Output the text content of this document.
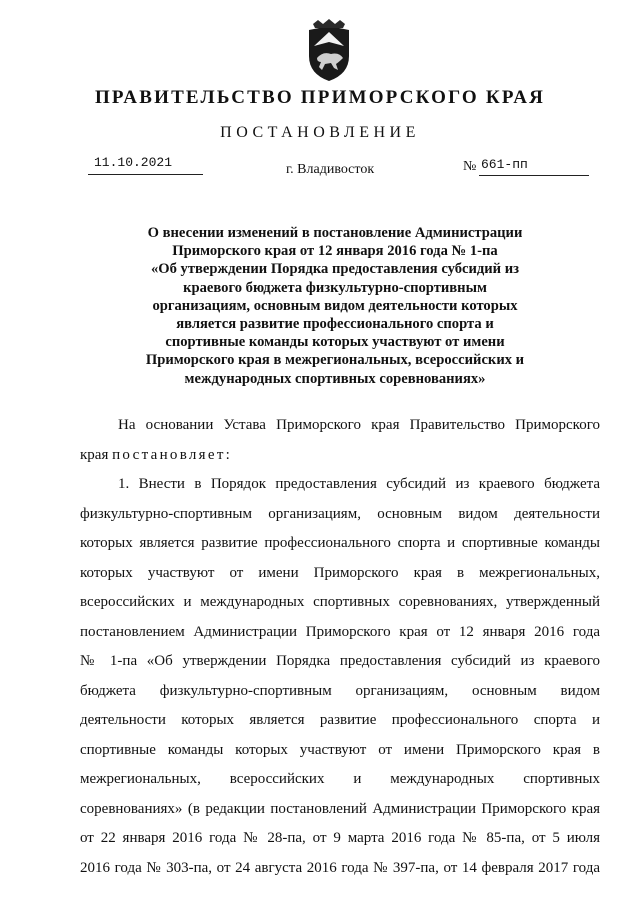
ПРАВИТЕЛЬСТВО ПРИМОРСКОГО КРАЯ
ПОСТАНОВЛЕНИЕ
11.10.2021	г. Владивосток	№ 661-пп
О внесении изменений в постановление Администрации
Приморского края от 12 января 2016 года № 1-па
«Об утверждении Порядка предоставления субсидий из
краевого бюджета физкультурно-спортивным
организациям, основным видом деятельности которых
является развитие профессионального спорта и
спортивные команды которых участвуют от имени
Приморского края в межрегиональных, всероссийских и
международных спортивных соревнованиях»
На основании Устава Приморского края Правительство Приморского
края постановляет:
1. Внести в Порядок предоставления субсидий из краевого бюджета
физкультурно-спортивным организациям, основным видом деятельности
которых является развитие профессионального спорта и спортивные команды
которых участвуют от имени Приморского края в межрегиональных,
всероссийских и международных спортивных соревнованиях, утвержденный
постановлением Администрации Приморского края от 12 января 2016 года
№ 1-па «Об утверждении Порядка предоставления субсидий из краевого
бюджета физкультурно-спортивным организациям, основным видом
деятельности которых является развитие профессионального спорта и
спортивные команды которых участвуют от имени Приморского края в
межрегиональных, всероссийских и международных спортивных
соревнованиях» (в редакции постановлений Администрации Приморского края
от 22 января 2016 года № 28-па, от 9 марта 2016 года № 85-па, от 5 июля
2016 года № 303-па, от 24 августа 2016 года № 397-па, от 14 февраля 2017 года
